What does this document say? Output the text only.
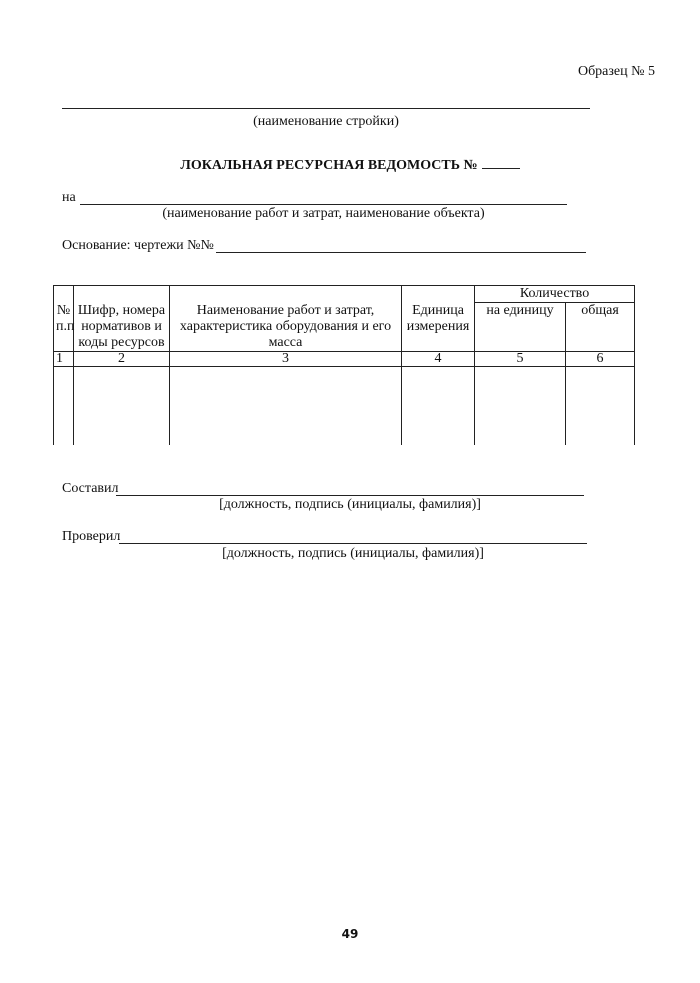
Образец № 5
(наименование стройки)
ЛОКАЛЬНАЯ РЕСУРСНАЯ ВЕДОМОСТЬ №
на
(наименование работ и затрат, наименование объекта)
Основание: чертежи №№
№ п.п	Шифр, номера нормативов и коды ресурсов	Наименование работ и затрат, характеристика оборудования и его масса	Единица измерения	Количество	
				на единицу	общая
1	2	3	4	5	6

Составил
[должность, подпись (инициалы, фамилия)]
Проверил
[должность, подпись (инициалы, фамилия)]
49
